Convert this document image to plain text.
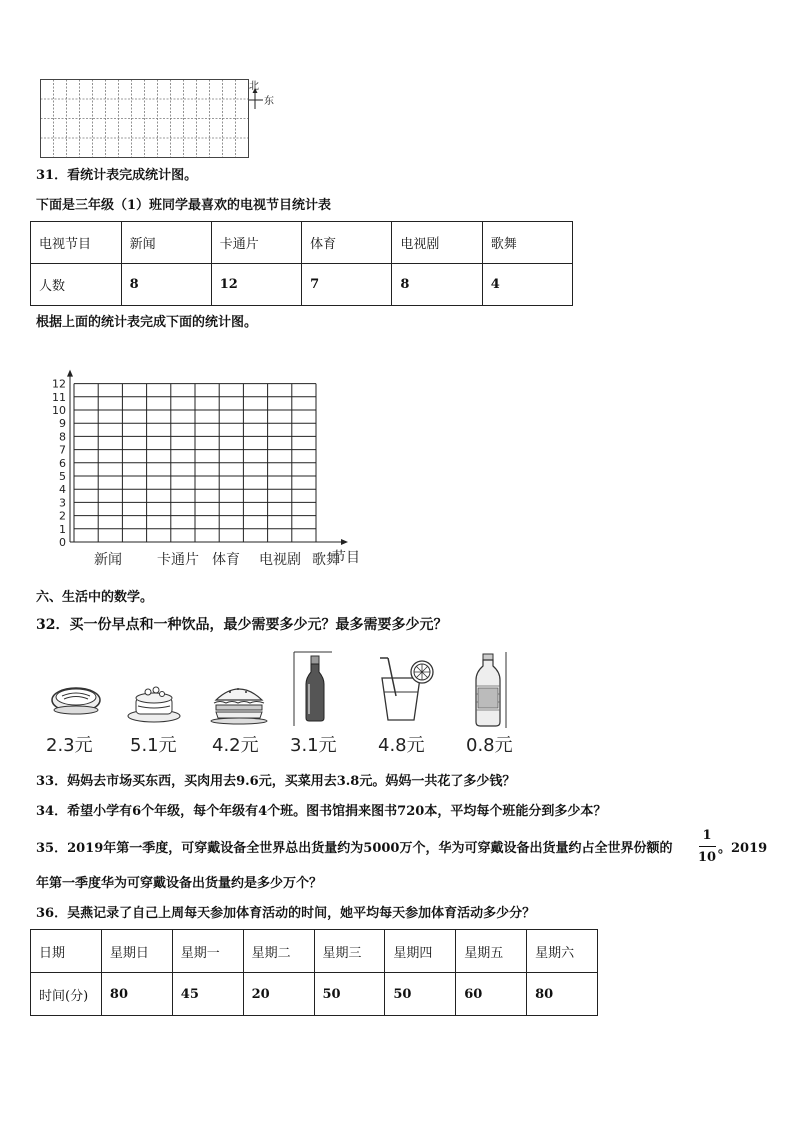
北
东
31．看统计表完成统计图。
下面是三年级（1）班同学最喜欢的电视节目统计表
电视节目	新闻	卡通片	体育	电视剧	歌舞
人数	8	12	7	8	4
根据上面的统计表完成下面的统计图。
0
1
2
3
4
5
6
7
8
9
10
11
12
新闻	卡通片 体育 电视剧 歌舞
节目
六、生活中的数学。
32．买一份早点和一种饮品，最少需要多少元？最多需要多少元？
2.3元 5.1元 4.2元 3.1元 4.8元 0.8元
33．妈妈去市场买东西，买肉用去9.6元，买菜用去3.8元。妈妈一共花了多少钱？
34．希望小学有6个年级，每个年级有4个班。图书馆捐来图书720本，平均每个班能分到多少本？
35．2019年第一季度，可穿戴设备全世界总出货量约为5000万个，华为可穿戴设备出货量约占全世界份额的
1
10
。2019
年第一季度华为可穿戴设备出货量约是多少万个？
36．吴燕记录了自己上周每天参加体育活动的时间，她平均每天参加体育活动多少分？
日期	星期日	星期一	星期二	星期三	星期四	星期五	星期六
时间(分)	80	45	20	50	50	60	80
